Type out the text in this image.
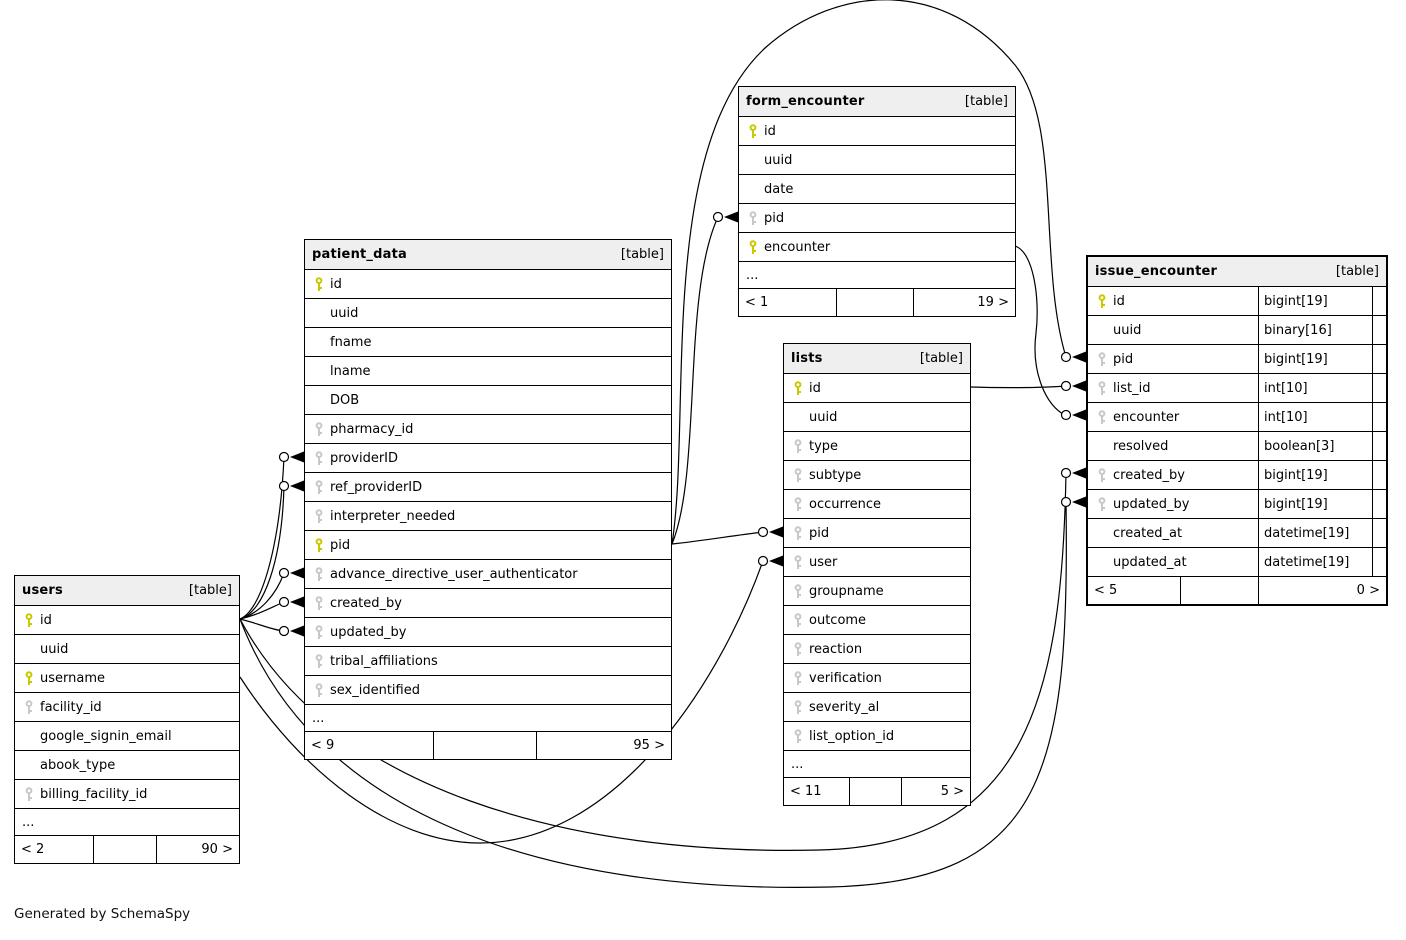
Generated by SchemaSpy
form_encounter	[table]
id
uuid
date
pid
encounter
...
< 1	19 >
patient_data	[table]
id
uuid
fname
lname
DOB
pharmacy_id
providerID
ref_providerID
interpreter_needed
pid
advance_directive_user_authenticator
created_by
updated_by
tribal_affiliations
sex_identified
...
< 9	95 >
users	[table]
id
uuid
username
facility_id
google_signin_email
abook_type
billing_facility_id
...
< 2	90 >
lists	[table]
id
uuid
type
subtype
occurrence
pid
user
groupname
outcome
reaction
verification
severity_al
list_option_id
...
< 11	5 >
issue_encounter	[table]
id	bigint[19]
uuid	binary[16]
pid	bigint[19]
list_id	int[10]
encounter	int[10]
resolved	boolean[3]
created_by	bigint[19]
updated_by	bigint[19]
created_at	datetime[19]
updated_at	datetime[19]
< 5	0 >
